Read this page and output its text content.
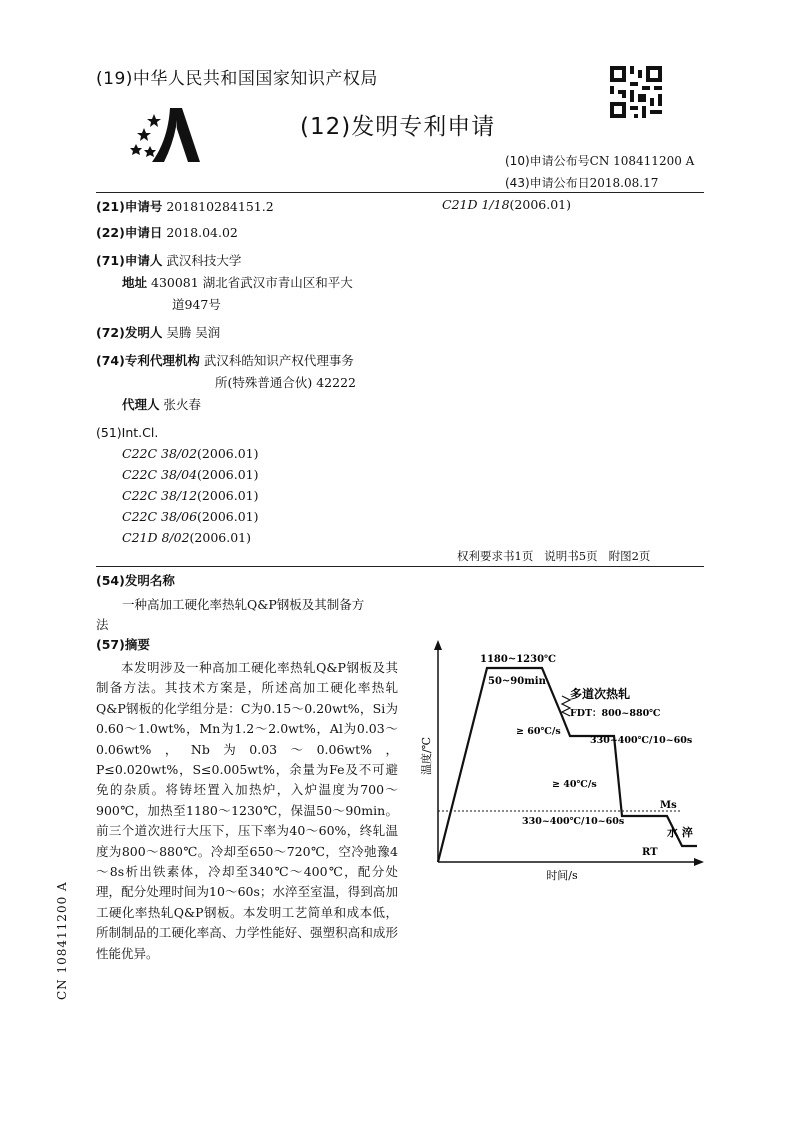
(19)中华人民共和国国家知识产权局
(12)发明专利申请
(10)申请公布号CN 108411200 A
(43)申请公布日2018.08.17
(21)申请号 201810284151.2	C21D 1/18(2006.01)
(22)申请日 2018.04.02
(71)申请人 武汉科技大学
地址 430081 湖北省武汉市青山区和平大
道947号
(72)发明人 吴腾 吴润
(74)专利代理机构 武汉科皓知识产权代理事务
所(特殊普通合伙) 42222
代理人 张火春
(51)Int.Cl.
C22C 38/02(2006.01)
C22C 38/04(2006.01)
C22C 38/12(2006.01)
C22C 38/06(2006.01)
C21D 8/02(2006.01)
权利要求书1页   说明书5页   附图2页
(54)发明名称
一种高加工硬化率热轧Q&P钢板及其制备方
法
(57)摘要
本发明涉及一种高加工硬化率热轧Q&P钢板及其制备方法。其技术方案是，所述高加工硬化率热轧Q&P钢板的化学组分是：C为0.15～0.20wt%，Si为0.60～1.0wt%，Mn为1.2～2.0wt%，Al为0.03～0.06wt%，Nb为0.03～0.06wt%，P≤0.020wt%，S≤0.005wt%，余量为Fe及不可避免的杂质。将铸坯置入加热炉，入炉温度为700～900℃，加热至1180～1230℃，保温50～90min。前三个道次进行大压下，压下率为40～60%，终轧温度为800～880℃。冷却至650～720℃，空冷弛豫4～8s析出铁素体，冷却至340℃～400℃，配分处理，配分处理时间为10～60s；水淬至室温，得到高加工硬化率热轧Q&P钢板。本发明工艺简单和成本低，所制制品的工硬化率高、力学性能好、强塑积高和成形性能优异。
温度/℃
时间/s
1180~1230℃
50~90min
多道次热轧
FDT：800~880℃
≥ 60℃/s
330~400℃/10~60s
≥ 40℃/s
Ms
330~400℃/10~60s
水 淬
RT
CN 108411200 A
